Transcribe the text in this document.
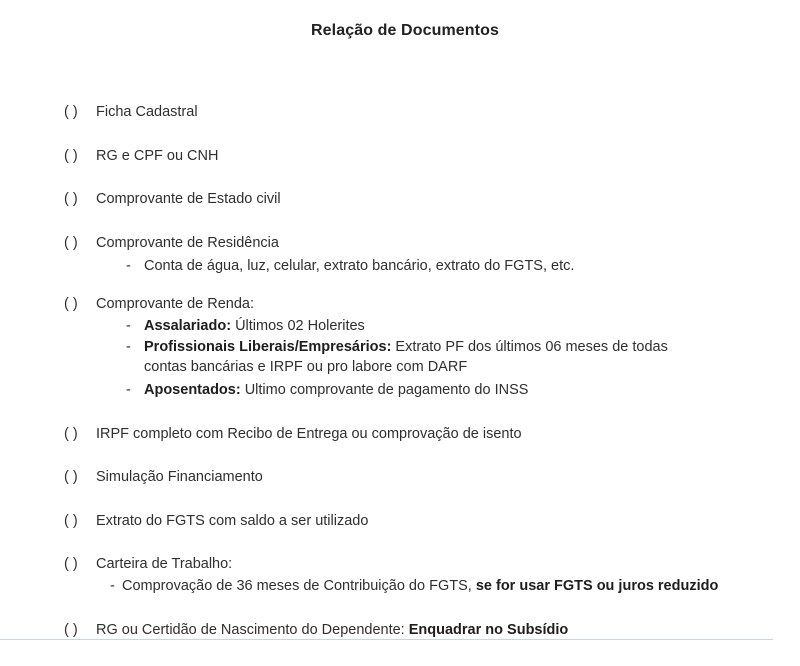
Relação de Documentos
( ) Ficha Cadastral
( ) RG e CPF ou CNH
( ) Comprovante de Estado civil
( ) Comprovante de Residência
- Conta de água, luz, celular, extrato bancário, extrato do FGTS, etc.
( ) Comprovante de Renda:
- Assalariado: Últimos 02 Holerites
- Profissionais Liberais/Empresários: Extrato PF dos últimos 06 meses de todas
contas bancárias e IRPF ou pro labore com DARF
- Aposentados: Ultimo comprovante de pagamento do INSS
( ) IRPF completo com Recibo de Entrega ou comprovação de isento
( ) Simulação Financiamento
( ) Extrato do FGTS com saldo a ser utilizado
( ) Carteira de Trabalho:
- Comprovação de 36 meses de Contribuição do FGTS, se for usar FGTS ou juros reduzido
( ) RG ou Certidão de Nascimento do Dependente: Enquadrar no Subsídio
